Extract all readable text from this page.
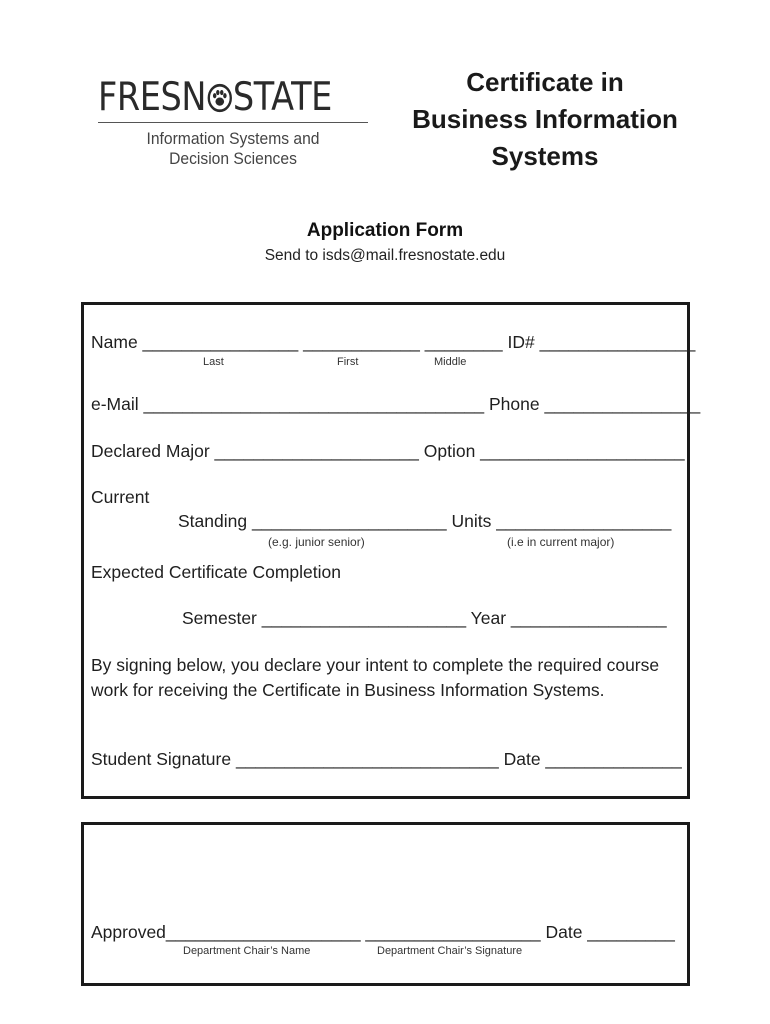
FRESN STATE
Information Systems and
Decision Sciences
Certificate in
Business Information
Systems
Application Form
Send to isds@mail.fresnostate.edu
Name ________________ ____________ ________ ID# ________________
Last	First	Middle
e-Mail ___________________________________ Phone ________________
Declared Major _____________________ Option _____________________
Current
Standing ____________________ Units __________________
(e.g. junior senior)	(i.e in current major)
Expected Certificate Completion
Semester _____________________ Year ________________
By signing below, you declare your intent to complete the required course
work for receiving the Certificate in Business Information Systems.
Student Signature ___________________________ Date ______________
Approved____________________ __________________ Date _________
Department Chair’s Name	Department Chair’s Signature
